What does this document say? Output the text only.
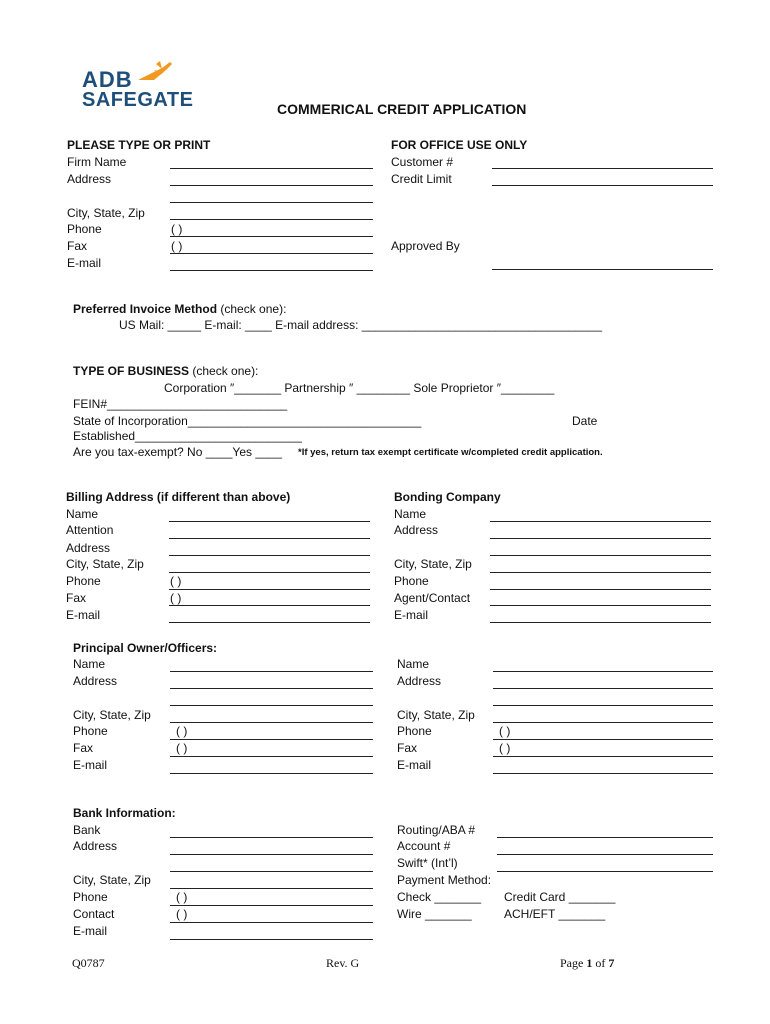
ADB
SAFEGATE	COMMERICAL CREDIT APPLICATION
PLEASE TYPE OR PRINT
Firm Name
Address
City, State, Zip
Phone	( )
Fax	( )
E-mail
FOR OFFICE USE ONLY
Customer #
Credit Limit
Approved By
Preferred Invoice Method (check one):
US Mail: _____ E-mail: ____ E-mail address: ____________________________________
TYPE OF BUSINESS (check one):
Corporation ″_______ Partnership ″ ________ Sole Proprietor ″________
FEIN#___________________________
State of Incorporation___________________________________	Date
Established_________________________
Are you tax-exempt? No ____Yes ____ *If yes, return tax exempt certificate w/completed credit application.
Billing Address (if different than above)
Name
Attention
Address
City, State, Zip
Phone	( )
Fax	( )
E-mail
Bonding Company
Name
Address
City, State, Zip
Phone
Agent/Contact
E-mail
Principal Owner/Officers:
Name
Address
City, State, Zip
Phone	( )
Fax	( )
E-mail
Name
Address
City, State, Zip
Phone	( )
Fax	( )
E-mail
Bank Information:
Bank
Address
City, State, Zip
Phone	( )
Contact	( )
E-mail
Routing/ABA #
Account #
Swift* (Int’l)
Payment Method:
Check _______ Credit Card _______
Wire _______	ACH/EFT _______
Q0787	Rev. G	Page 1 of 7
